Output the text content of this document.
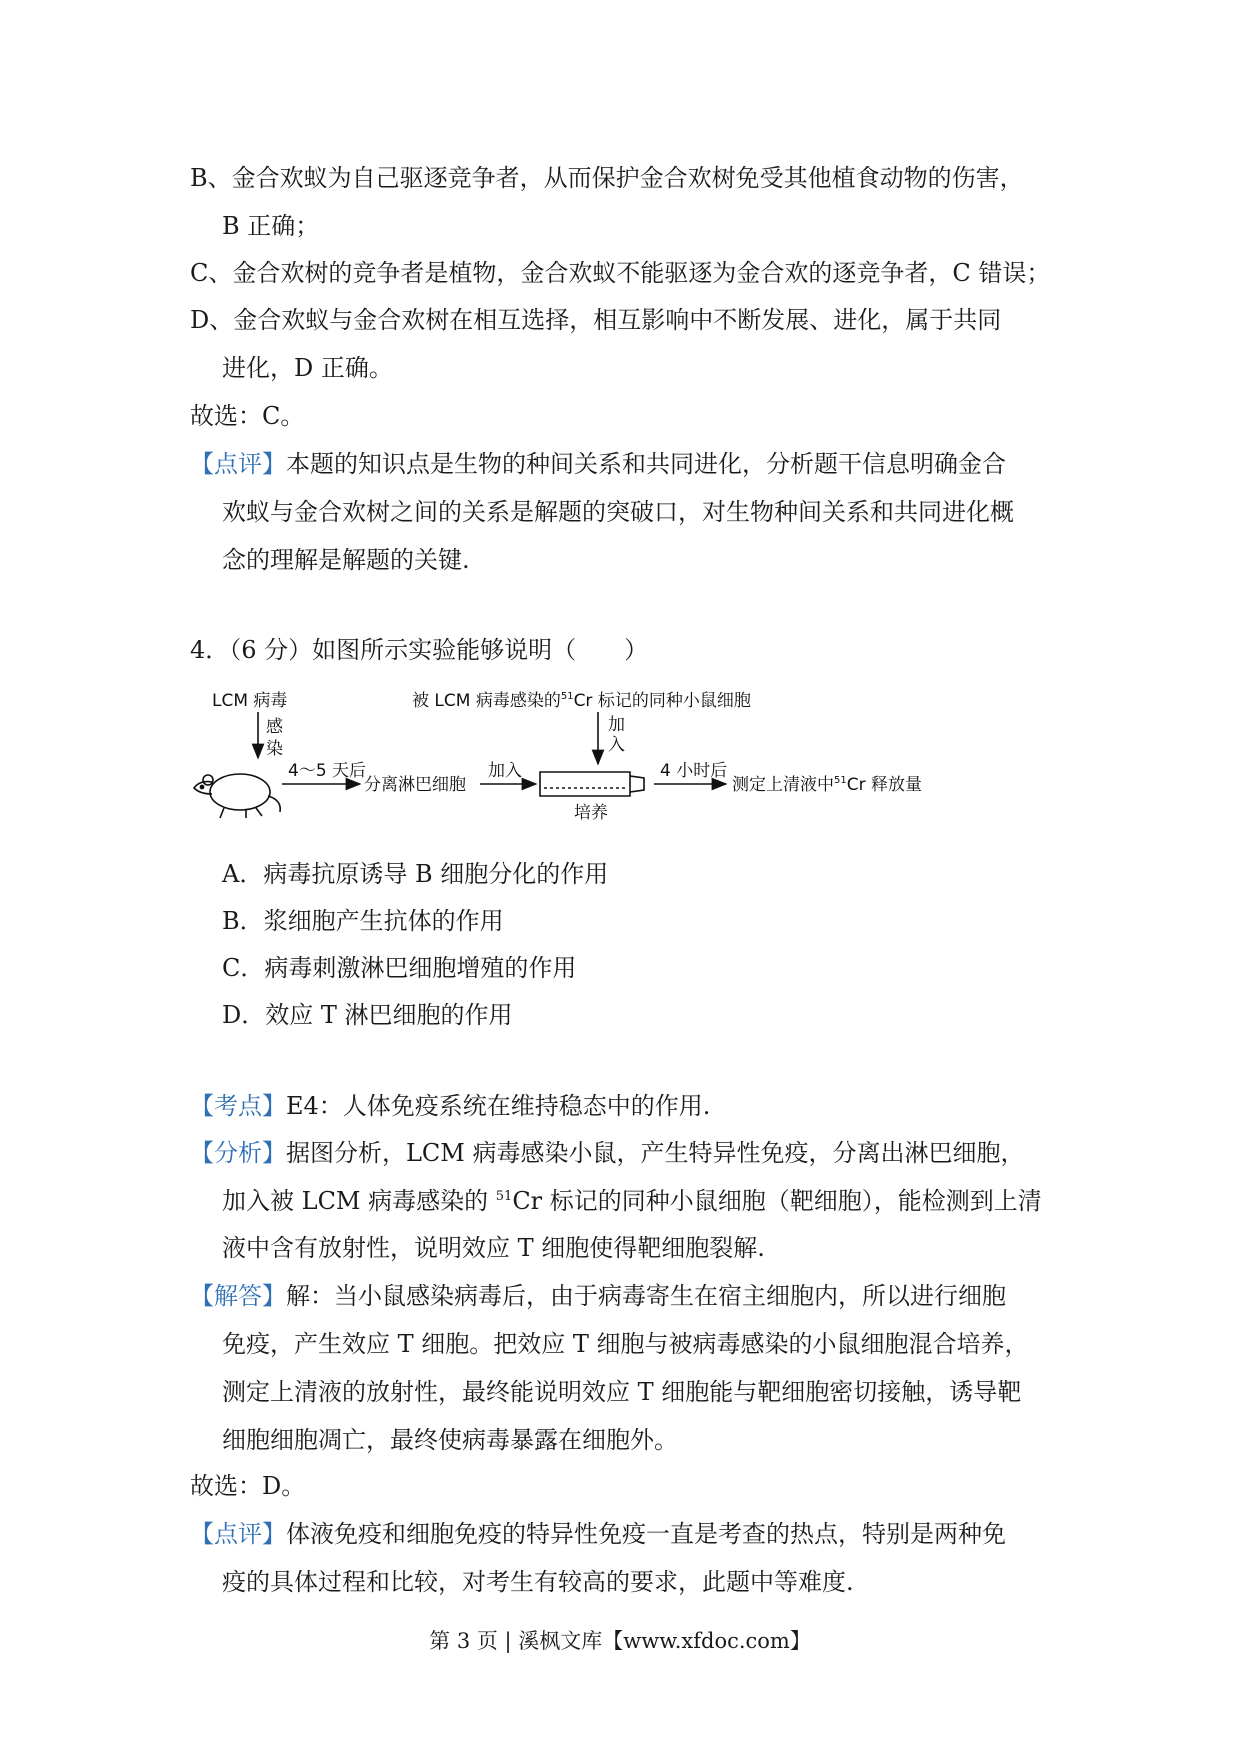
B、金合欢蚁为自己驱逐竞争者，从而保护金合欢树免受其他植食动物的伤害，
B 正确；
C、金合欢树的竞争者是植物，金合欢蚁不能驱逐为金合欢的逐竞争者，C 错误；
D、金合欢蚁与金合欢树在相互选择，相互影响中不断发展、进化，属于共同
进化，D 正确。
故选：C。
【点评】本题的知识点是生物的种间关系和共同进化，分析题干信息明确金合
欢蚁与金合欢树之间的关系是解题的突破口，对生物种间关系和共同进化概
念的理解是解题的关键.
4．（6 分）如图所示实验能够说明（　　）
LCM 病毒
感
染
4～5 天后
分离淋巴细胞
加入
被 LCM 病毒感染的$^{51}$Cr 标记的同种小鼠细胞
加
入
培养
4 小时后
测定上清液中$^{51}$Cr 释放量
A．病毒抗原诱导 B 细胞分化的作用
B．浆细胞产生抗体的作用
C．病毒刺激淋巴细胞增殖的作用
D．效应 T 淋巴细胞的作用
【考点】E4：人体免疫系统在维持稳态中的作用.
【分析】据图分析，LCM 病毒感染小鼠，产生特异性免疫，分离出淋巴细胞，
加入被 LCM 病毒感染的 $^{51}$Cr 标记的同种小鼠细胞（靶细胞），能检测到上清
液中含有放射性，说明效应 T 细胞使得靶细胞裂解.
【解答】解：当小鼠感染病毒后，由于病毒寄生在宿主细胞内，所以进行细胞
免疫，产生效应 T 细胞。把效应 T 细胞与被病毒感染的小鼠细胞混合培养，
测定上清液的放射性，最终能说明效应 T 细胞能与靶细胞密切接触，诱导靶
细胞细胞凋亡，最终使病毒暴露在细胞外。
故选：D。
【点评】体液免疫和细胞免疫的特异性免疫一直是考查的热点，特别是两种免
疫的具体过程和比较，对考生有较高的要求，此题中等难度.
第 3 页 | 溪枫文库【www.xfdoc.com】
